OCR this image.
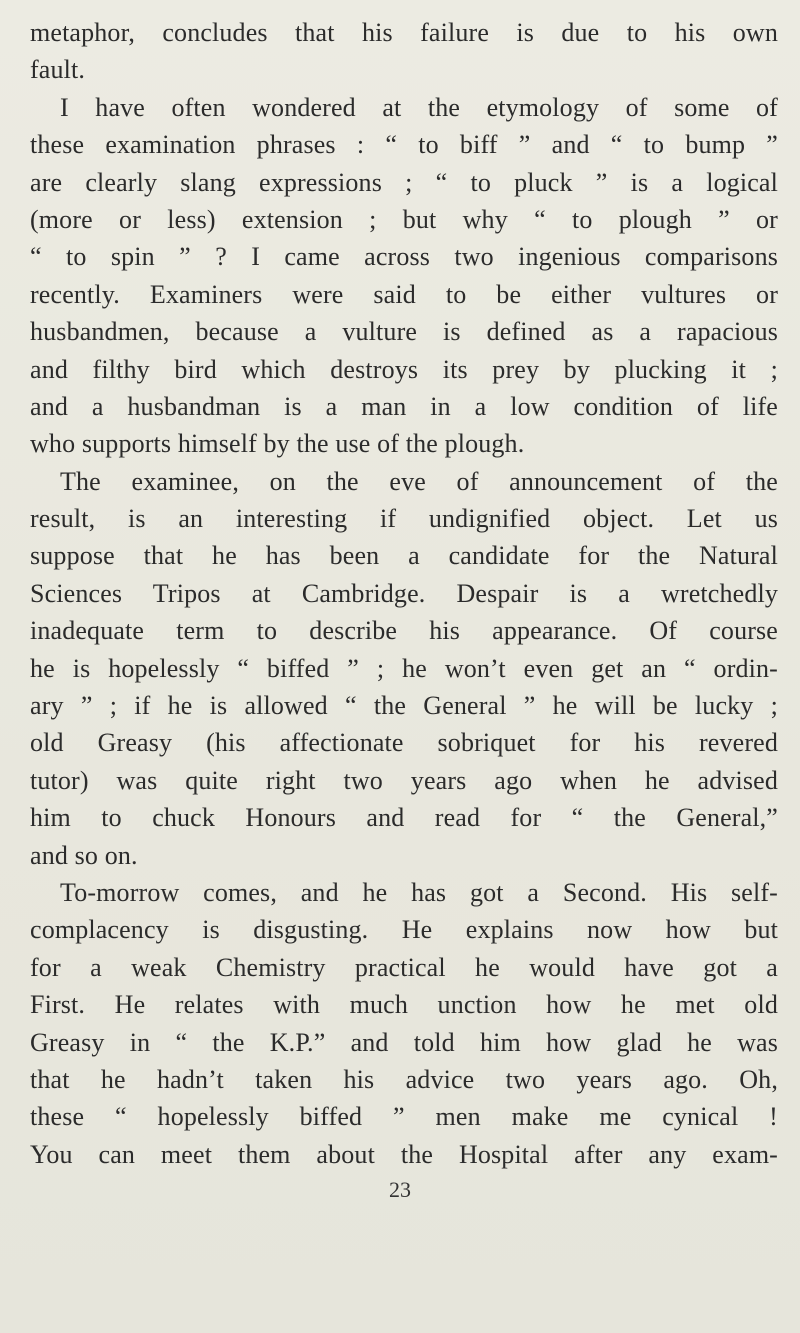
metaphor, concludes that his failure is due to his own
fault.
I have often wondered at the etymology of some of
these examination phrases : “ to biff ” and “ to bump ”
are clearly slang expressions ; “ to pluck ” is a logical
(more or less) extension ; but why “ to plough ” or
“ to spin ” ? I came across two ingenious comparisons
recently. Examiners were said to be either vultures or
husbandmen, because a vulture is defined as a rapacious
and filthy bird which destroys its prey by plucking it ;
and a husbandman is a man in a low condition of life
who supports himself by the use of the plough.
The examinee, on the eve of announcement of the
result, is an interesting if undignified object. Let us
suppose that he has been a candidate for the Natural
Sciences Tripos at Cambridge. Despair is a wretchedly
inadequate term to describe his appearance. Of course
he is hopelessly “ biffed ” ; he won’t even get an “ ordin-
ary ” ; if he is allowed “ the General ” he will be lucky ;
old Greasy (his affectionate sobriquet for his revered
tutor) was quite right two years ago when he advised
him to chuck Honours and read for “ the General,”
and so on.
To-morrow comes, and he has got a Second. His self-
complacency is disgusting. He explains now how but
for a weak Chemistry practical he would have got a
First. He relates with much unction how he met old
Greasy in “ the K.P.” and told him how glad he was
that he hadn’t taken his advice two years ago. Oh,
these “ hopelessly biffed ” men make me cynical !
You can meet them about the Hospital after any exam-
23
